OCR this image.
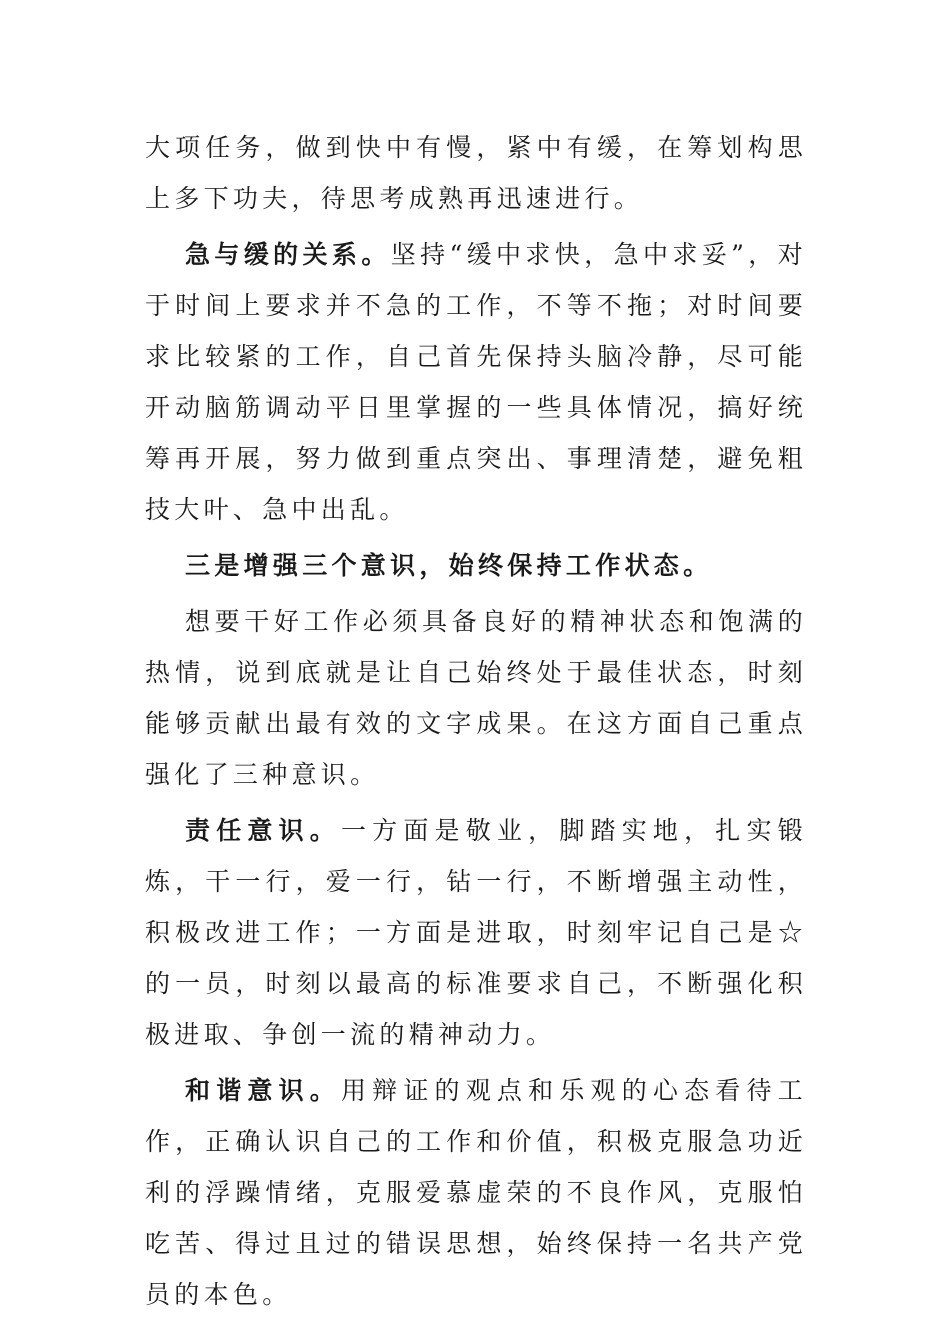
大项任务，做到快中有慢，紧中有缓，在筹划构思上多下功夫，待思考成熟再迅速进行。

急与缓的关系。坚持“缓中求快，急中求妥”，对于时间上要求并不急的工作，不等不拖；对时间要求比较紧的工作，自己首先保持头脑冷静，尽可能开动脑筋调动平日里掌握的一些具体情况，搞好统筹再开展，努力做到重点突出、事理清楚，避免粗技大叶、急中出乱。

三是增强三个意识，始终保持工作状态。

想要干好工作必须具备良好的精神状态和饱满的热情，说到底就是让自己始终处于最佳状态，时刻能够贡献出最有效的文字成果。在这方面自己重点强化了三种意识。

责任意识。一方面是敬业，脚踏实地，扎实锻炼，干一行，爱一行，钻一行，不断增强主动性，积极改进工作；一方面是进取，时刻牢记自己是☆的一员，时刻以最高的标准要求自己，不断强化积极进取、争创一流的精神动力。

和谐意识。用辩证的观点和乐观的心态看待工作，正确认识自己的工作和价值，积极克服急功近利的浮躁情绪，克服爱慕虚荣的不良作风，克服怕吃苦、得过且过的错误思想，始终保持一名共产党员的本色。
